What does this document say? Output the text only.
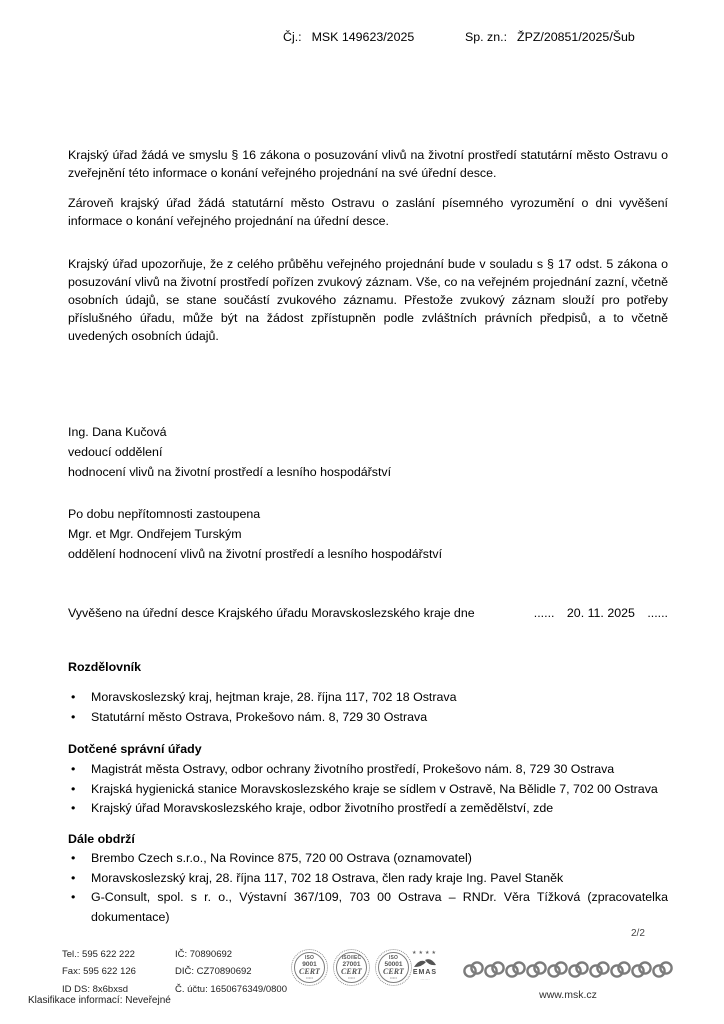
Čj.: MSK 149623/2025	Sp. zn.: ŽPZ/20851/2025/Šub

Krajský úřad žádá ve smyslu § 16 zákona o posuzování vlivů na životní prostředí statutární město Ostravu o zveřejnění této informace o konání veřejného projednání na své úřední desce.

Zároveň krajský úřad žádá statutární město Ostravu o zaslání písemného vyrozumění o dni vyvěšení informace o konání veřejného projednání na úřední desce.

Krajský úřad upozorňuje, že z celého průběhu veřejného projednání bude v souladu s § 17 odst. 5 zákona o posuzování vlivů na životní prostředí pořízen zvukový záznam. Vše, co na veřejném projednání zazní, včetně osobních údajů, se stane součástí zvukového záznamu. Přestože zvukový záznam slouží pro potřeby příslušného úřadu, může být na žádost zpřístupněn podle zvláštních právních předpisů, a to včetně uvedených osobních údajů.

Ing. Dana Kučová
vedoucí oddělení
hodnocení vlivů na životní prostředí a lesního hospodářství
Po dobu nepřítomnosti zastoupena
Mgr. et Mgr. Ondřejem Turským
oddělení hodnocení vlivů na životní prostředí a lesního hospodářství
Vyvěšeno na úřední desce Krajského úřadu Moravskoslezského kraje dne	...... 20. 11. 2025 ......
Rozdělovník
•	Moravskoslezský kraj, hejtman kraje, 28. října 117, 702 18 Ostrava
•	Statutární město Ostrava, Prokešovo nám. 8, 729 30 Ostrava
Dotčené správní úřady
•	Magistrát města Ostravy, odbor ochrany životního prostředí, Prokešovo nám. 8, 729 30 Ostrava
•	Krajská hygienická stanice Moravskoslezského kraje se sídlem v Ostravě, Na Bělidle 7, 702 00 Ostrava
•	Krajský úřad Moravskoslezského kraje, odbor životního prostředí a zemědělství, zde
Dále obdrží
•	Brembo Czech s.r.o., Na Rovince 875, 720 00 Ostrava (oznamovatel)
•	Moravskoslezský kraj, 28. října 117, 702 18 Ostrava, člen rady kraje Ing. Pavel Staněk
•	G-Consult, spol. s r. o., Výstavní 367/109, 703 00 Ostrava – RNDr. Věra Tížková (zpracovatelka dokumentace)
2/2
Tel.: 595 622 222	IČ: 70890692
Fax: 595 622 126	DIČ: CZ70890692
ID DS: 8x6bxsd	Č. účtu: 1650676349/0800
ISO
9001
CERT
•••••
ISO/IEC
27001
CERT
•••••
ISO
50001
CERT
•••••
★★★★
EMAS
·······
www.msk.cz
Klasifikace informací: Neveřejné
